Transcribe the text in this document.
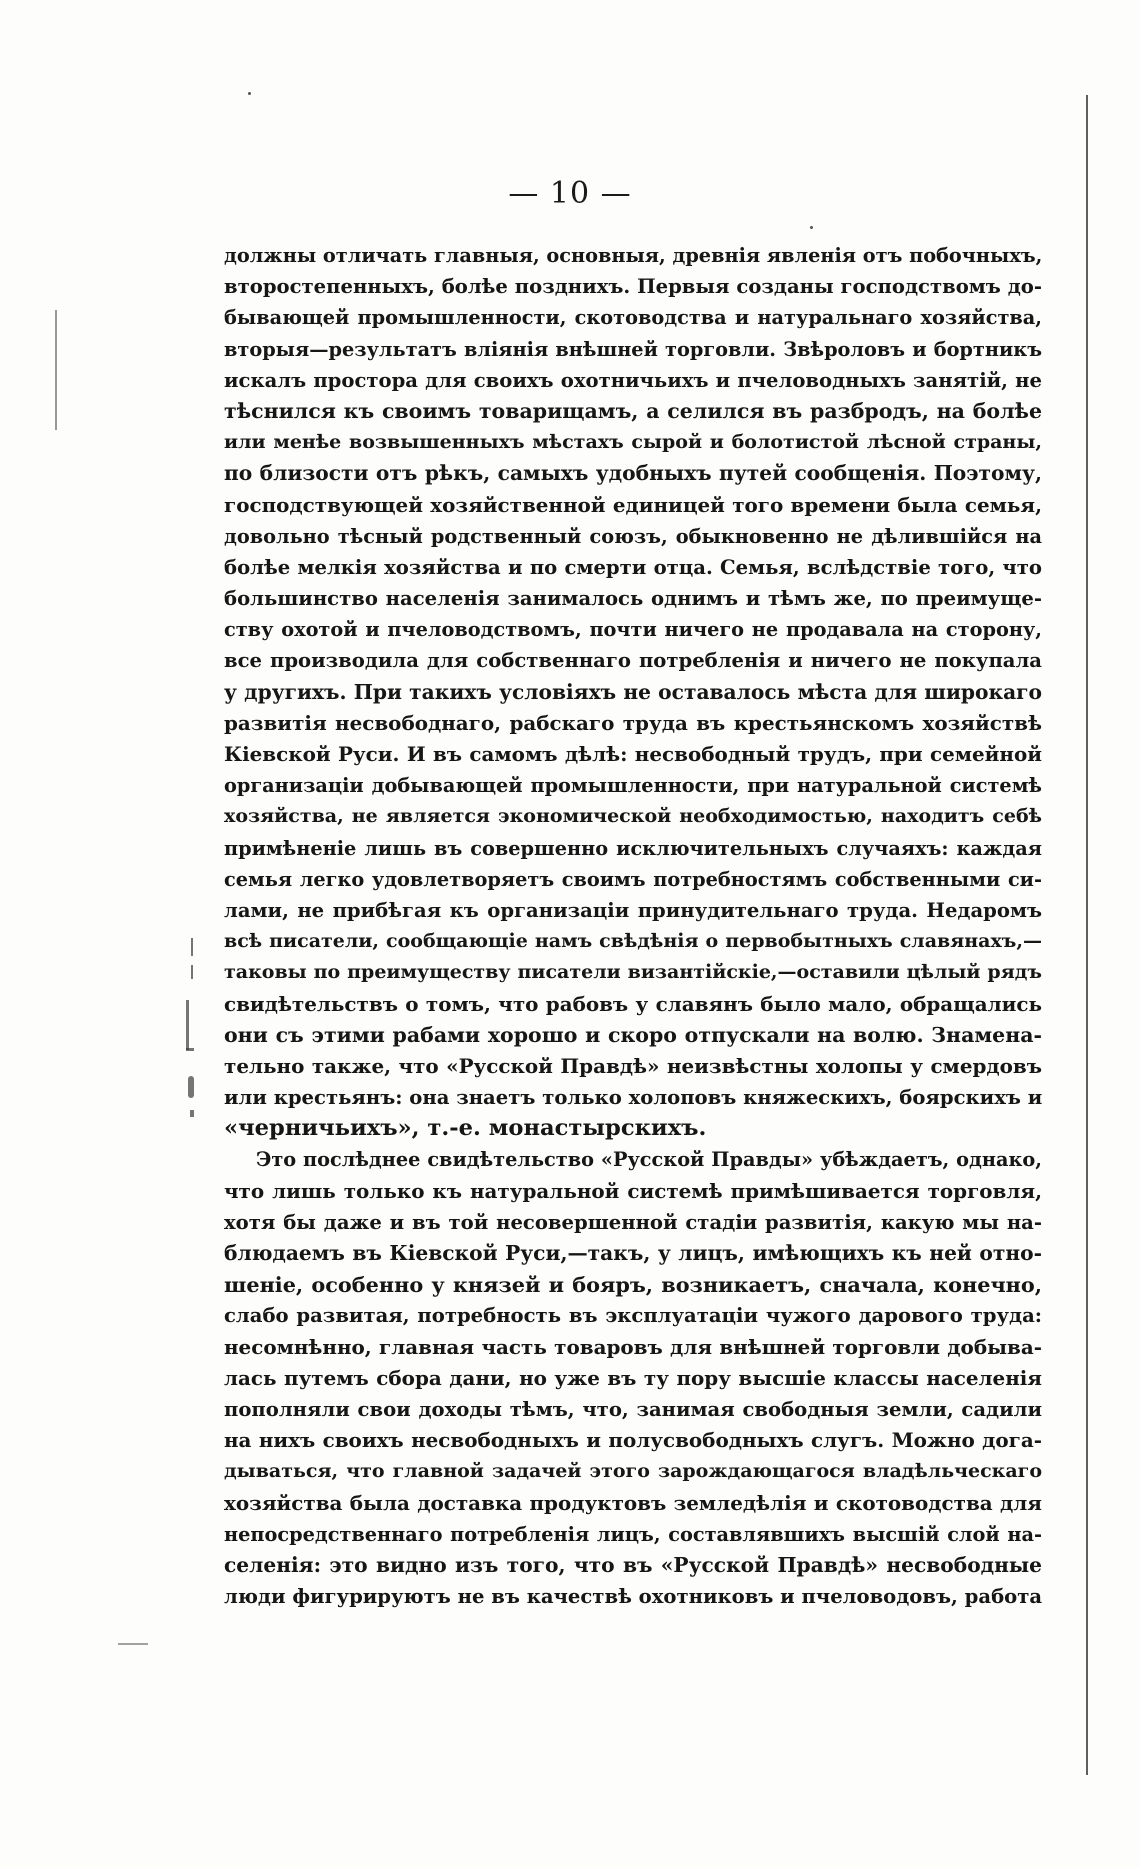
— 10 —
должны отличать главныя, основныя, древнія явленія отъ побочныхъ,
второстепенныхъ, болѣе позднихъ. Первыя созданы господствомъ до-
бывающей промышленности, скотоводства и натуральнаго хозяйства,
вторыя—результатъ вліянія внѣшней торговли. Звѣроловъ и бортникъ
искалъ простора для своихъ охотничьихъ и пчеловодныхъ занятій, не
тѣснился къ своимъ товарищамъ, а селился въ разбродъ, на болѣе
или менѣе возвышенныхъ мѣстахъ сырой и болотистой лѣсной страны,
по близости отъ рѣкъ, самыхъ удобныхъ путей сообщенія. Поэтому,
господствующей хозяйственной единицей того времени была семья,
довольно тѣсный родственный союзъ, обыкновенно не дѣлившійся на
болѣе мелкія хозяйства и по смерти отца. Семья, вслѣдствіе того, что
большинство населенія занималось однимъ и тѣмъ же, по преимуще-
ству охотой и пчеловодствомъ, почти ничего не продавала на сторону,
все производила для собственнаго потребленія и ничего не покупала
у другихъ. При такихъ условіяхъ не оставалось мѣста для широкаго
развитія несвободнаго, рабскаго труда въ крестьянскомъ хозяйствѣ
Кіевской Руси. И въ самомъ дѣлѣ: несвободный трудъ, при семейной
организаціи добывающей промышленности, при натуральной системѣ
хозяйства, не является экономической необходимостью, находитъ себѣ
примѣненіе лишь въ совершенно исключительныхъ случаяхъ: каждая
семья легко удовлетворяетъ своимъ потребностямъ собственными си-
лами, не прибѣгая къ организаціи принудительнаго труда. Недаромъ
всѣ писатели, сообщающіе намъ свѣдѣнія о первобытныхъ славянахъ,—
таковы по преимуществу писатели византійскіе,—оставили цѣлый рядъ
свидѣтельствъ о томъ, что рабовъ у славянъ было мало, обращались
они съ этими рабами хорошо и скоро отпускали на волю. Знамена-
тельно также, что «Русской Правдѣ» неизвѣстны холопы у смердовъ
или крестьянъ: она знаетъ только холоповъ княжескихъ, боярскихъ и
«черничьихъ», т.-е. монастырскихъ.
Это послѣднее свидѣтельство «Русской Правды» убѣждаетъ, однако,
что лишь только къ натуральной системѣ примѣшивается торговля,
хотя бы даже и въ той несовершенной стадіи развитія, какую мы на-
блюдаемъ въ Кіевской Руси,—такъ, у лицъ, имѣющихъ къ ней отно-
шеніе, особенно у князей и бояръ, возникаетъ, сначала, конечно,
слабо развитая, потребность въ эксплуатаціи чужого дарового труда:
несомнѣнно, главная часть товаровъ для внѣшней торговли добыва-
лась путемъ сбора дани, но уже въ ту пору высшіе классы населенія
пополняли свои доходы тѣмъ, что, занимая свободныя земли, садили
на нихъ своихъ несвободныхъ и полусвободныхъ слугъ. Можно дога-
дываться, что главной задачей этого зарождающагося владѣльческаго
хозяйства была доставка продуктовъ земледѣлія и скотоводства для
непосредственнаго потребленія лицъ, составлявшихъ высшій слой на-
селенія: это видно изъ того, что въ «Русской Правдѣ» несвободные
люди фигурируютъ не въ качествѣ охотниковъ и пчеловодовъ, работа
